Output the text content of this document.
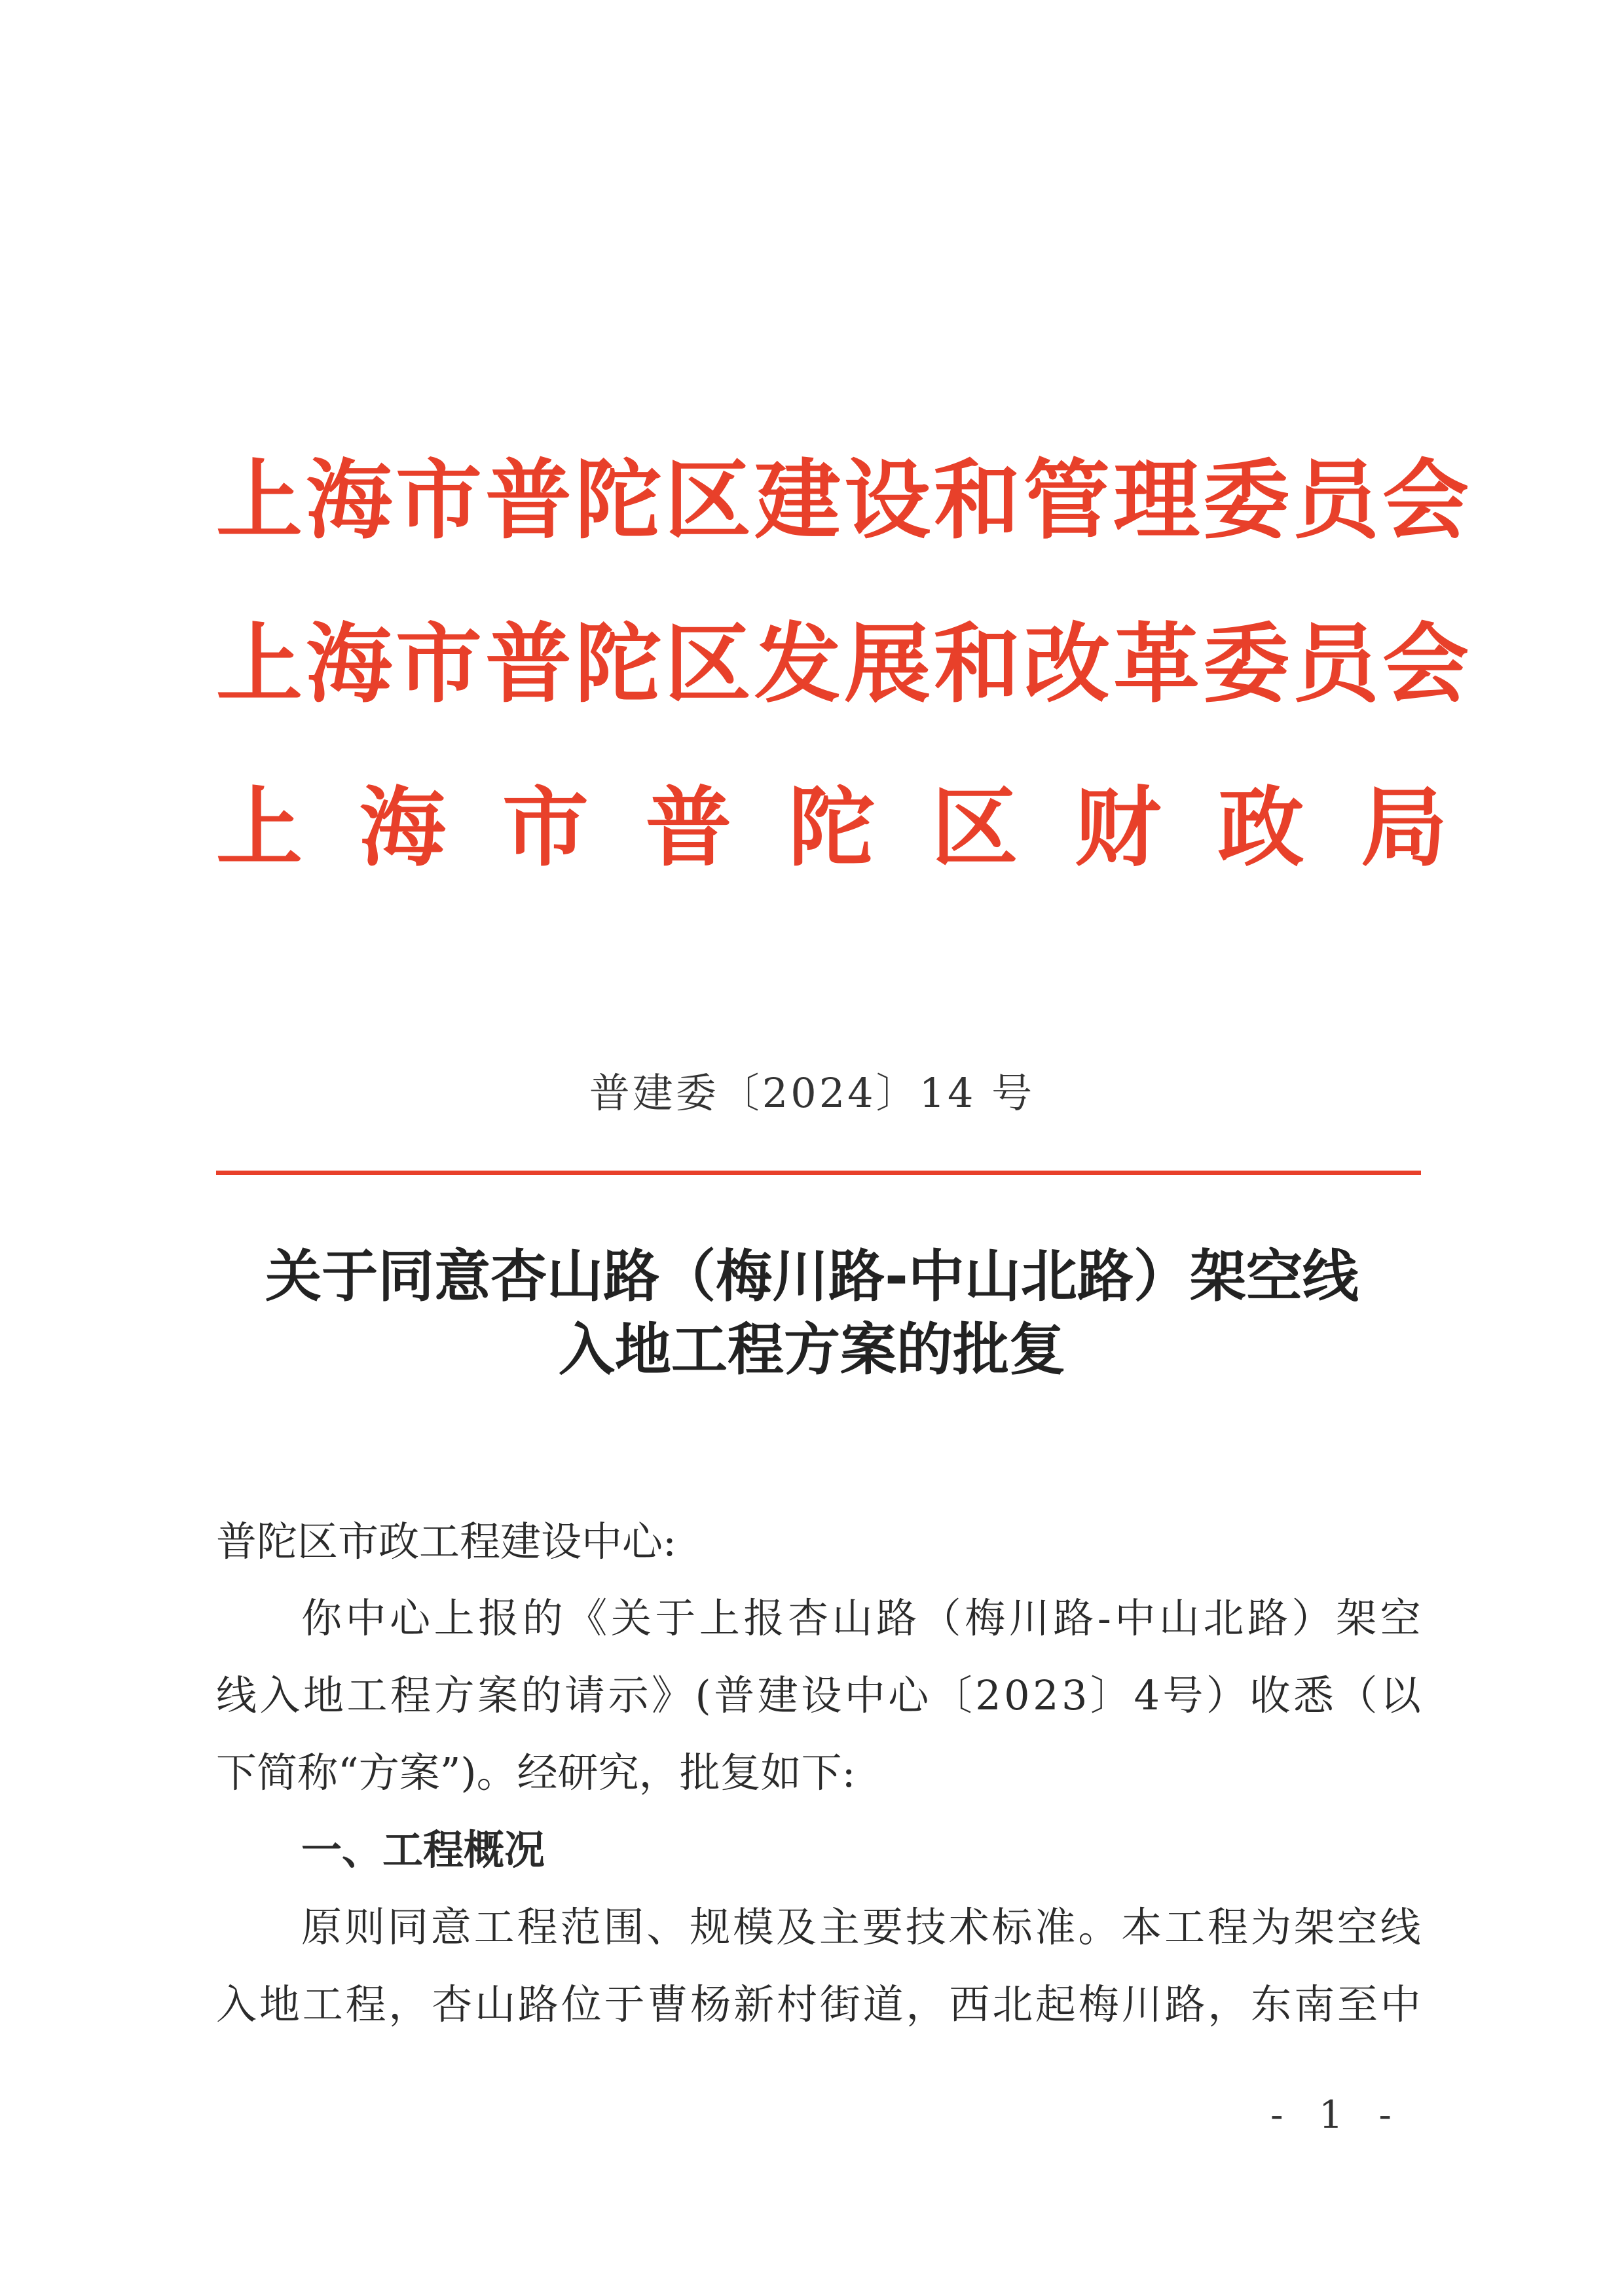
上海市普陀区建设和管理委员会
上海市普陀区发展和改革委员会
上 海 市 普 陀 区 财 政 局
普建委〔2024〕14 号
关于同意杏山路（梅川路-中山北路）架空线
入地工程方案的批复
普陀区市政工程建设中心:
你 中 心 上 报 的 《 关 于 上 报 杏 山 路 （ 梅 川 路 - 中 山 北 路 ） 架 空
线 入 地 工 程 方 案 的 请 示 》 ( 普 建 设 中 心 〔 2 0 2 3 〕 4 号 ） 收 悉 （ 以
下简称“方案”)。经研究，批复如下:
一、工程概况
原 则 同 意 工 程 范 围 、 规 模 及 主 要 技 术 标 准 。 本 工 程 为 架 空 线
入 地 工 程 ， 杏 山 路 位 于 曹 杨 新 村 街 道 ， 西 北 起 梅 川 路 ， 东 南 至 中
- 1 -
